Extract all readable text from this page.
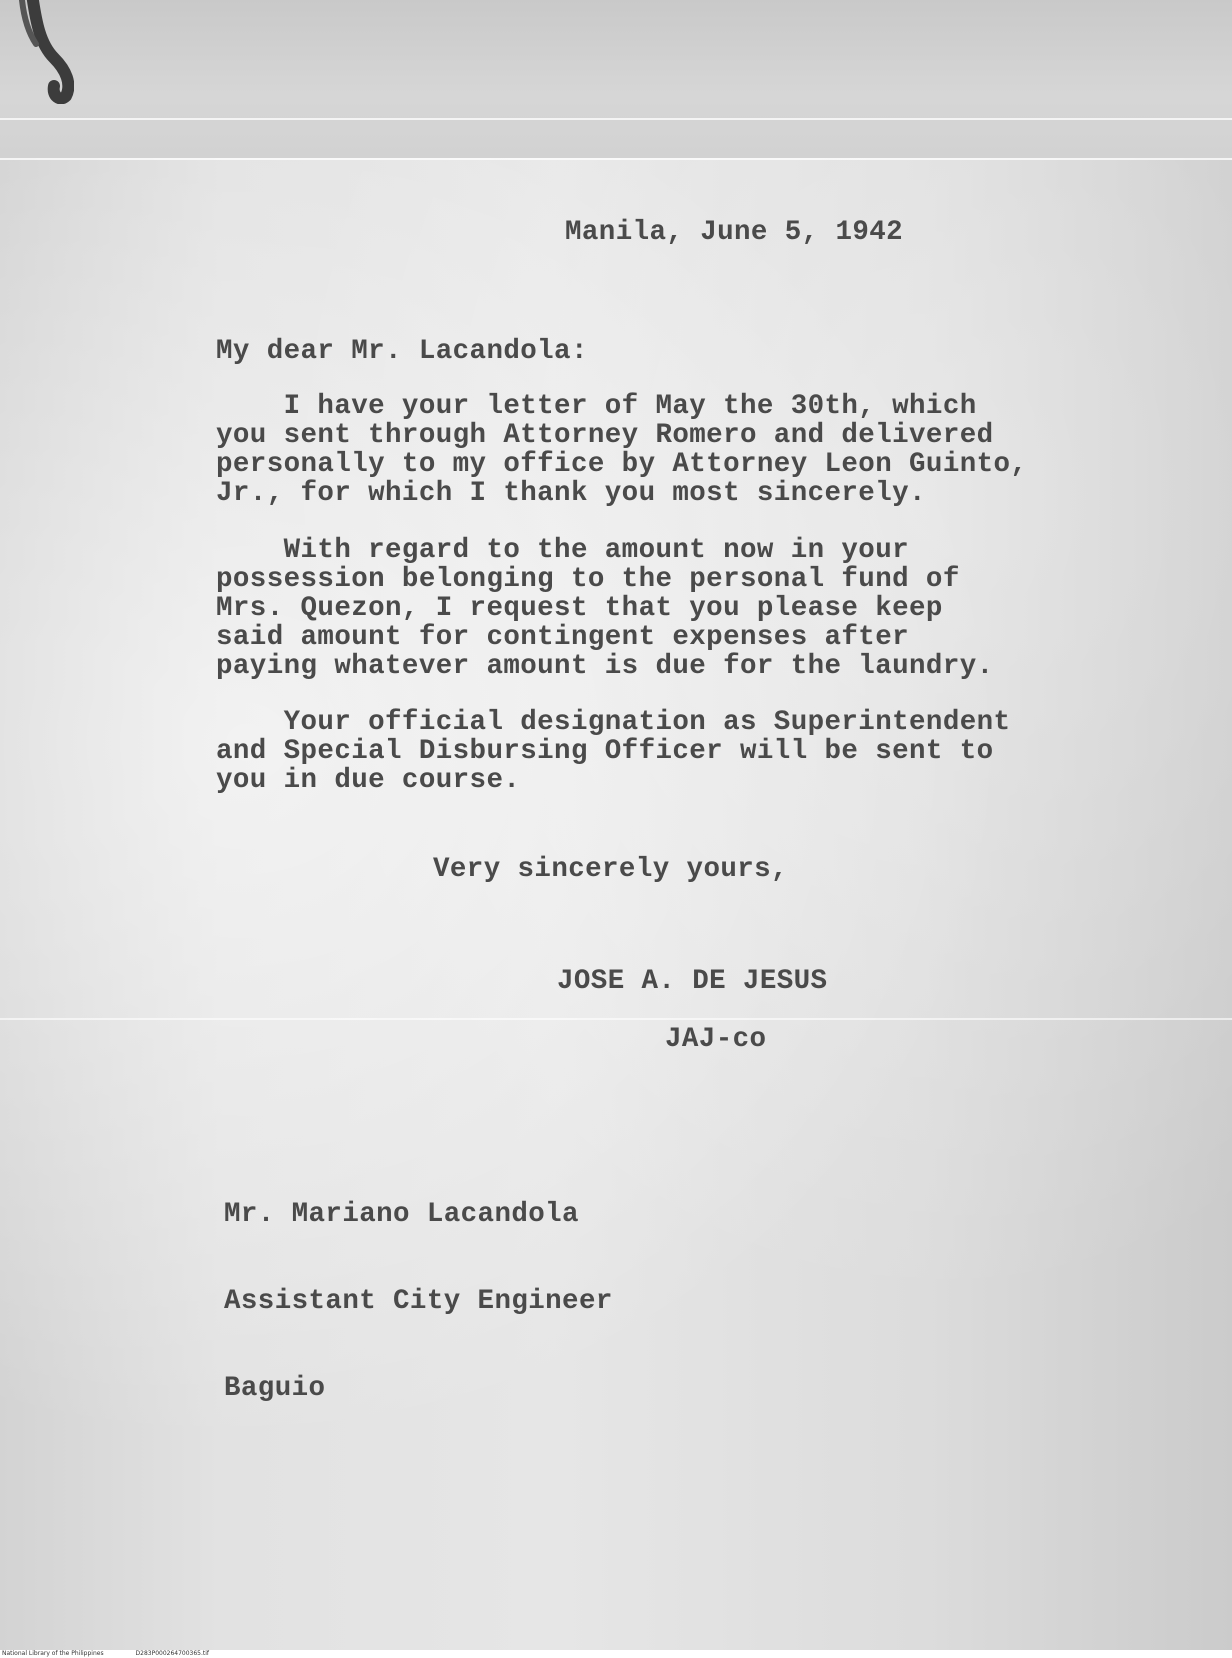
Manila, June 5, 1942

My dear Mr. Lacandola:

I have your letter of May the 30th, which
you sent through Attorney Romero and delivered
personally to my office by Attorney Leon Guinto,
Jr., for which I thank you most sincerely.

With regard to the amount now in your
possession belonging to the personal fund of
Mrs. Quezon, I request that you please keep
said amount for contingent expenses after
paying whatever amount is due for the laundry.

Your official designation as Superintendent
and Special Disbursing Officer will be sent to
you in due course.

Very sincerely yours,

JOSE A. DE JESUS

JAJ-co

Mr. Mariano Lacandola

Assistant City Engineer

Baguio

National Library of the Philippines	D283P000264700365.tif
